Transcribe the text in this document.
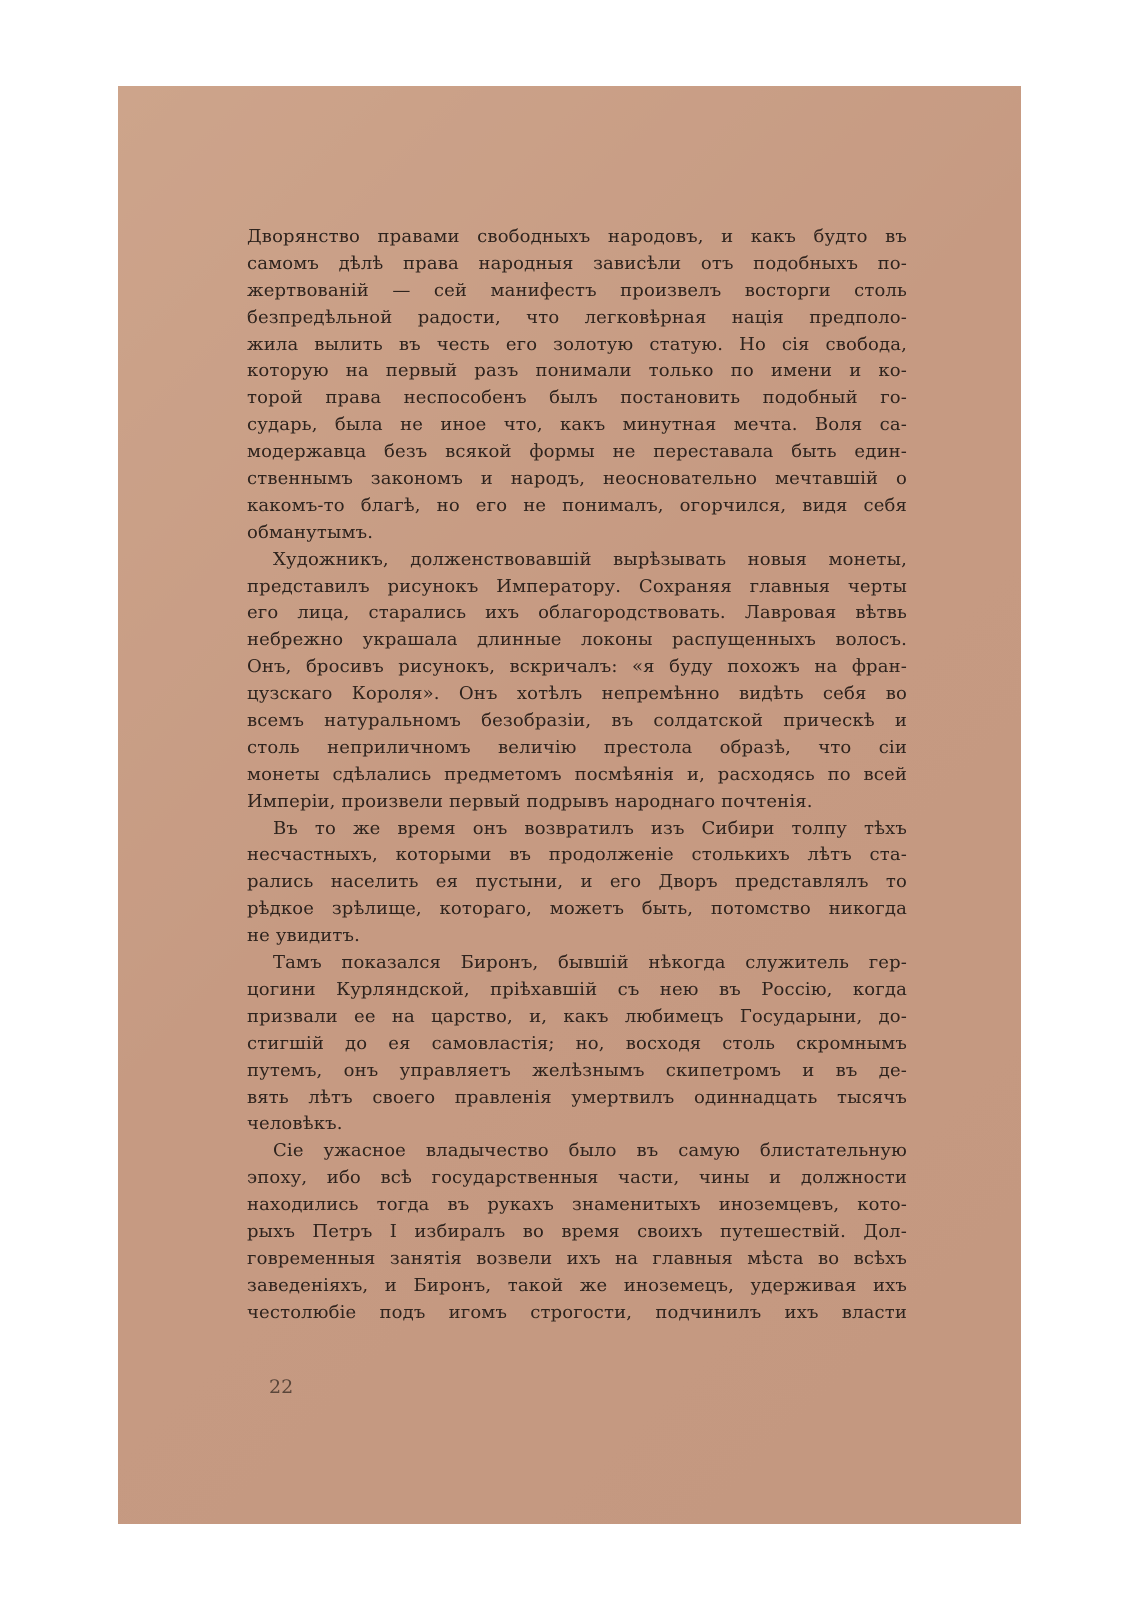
Дворянство правами свободныхъ народовъ, и какъ будто въ
самомъ дѣлѣ права народныя зависѣли отъ подобныхъ по-
жертвованій — сей манифестъ произвелъ восторги столь
безпредѣльной радости, что легковѣрная нація предполо-
жила вылить въ честь его золотую статую. Но сія свобода,
которую на первый разъ понимали только по имени и ко-
торой права неспособенъ былъ постановить подобный го-
сударь, была не иное что, какъ минутная мечта. Воля са-
модержавца безъ всякой формы не переставала быть един-
ственнымъ закономъ и народъ, неосновательно мечтавшій о
какомъ-то благѣ, но его не понималъ, огорчился, видя себя
обманутымъ.
Художникъ, долженствовавшій вырѣзывать новыя монеты,
представилъ рисунокъ Императору. Сохраняя главныя черты
его лица, старались ихъ облагородствовать. Лавровая вѣтвь
небрежно украшала длинные локоны распущенныхъ волосъ.
Онъ, бросивъ рисунокъ, вскричалъ: «я буду похожъ на фран-
цузскаго Короля». Онъ хотѣлъ непремѣнно видѣть себя во
всемъ натуральномъ безобразіи, въ солдатской прическѣ и
столь неприличномъ величію престола образѣ, что сіи
монеты сдѣлались предметомъ посмѣянія и, расходясь по всей
Имперіи, произвели первый подрывъ народнаго почтенія.
Въ то же время онъ возвратилъ изъ Сибири толпу тѣхъ
несчастныхъ, которыми въ продолженіе столькихъ лѣтъ ста-
рались населить ея пустыни, и его Дворъ представлялъ то
рѣдкое зрѣлище, котораго, можетъ быть, потомство никогда
не увидитъ.
Тамъ показался Биронъ, бывшій нѣкогда служитель гер-
цогини Курляндской, пріѣхавшій съ нею въ Россію, когда
призвали ее на царство, и, какъ любимецъ Государыни, до-
стигшій до ея самовластія; но, восходя столь скромнымъ
путемъ, онъ управляетъ желѣзнымъ скипетромъ и въ де-
вять лѣтъ своего правленія умертвилъ одиннадцать тысячъ
человѣкъ.
Сіе ужасное владычество было въ самую блистательную
эпоху, ибо всѣ государственныя части, чины и должности
находились тогда въ рукахъ знаменитыхъ иноземцевъ, кото-
рыхъ Петръ I избиралъ во время своихъ путешествій. Дол-
говременныя занятія возвели ихъ на главныя мѣста во всѣхъ
заведеніяхъ, и Биронъ, такой же иноземецъ, удерживая ихъ
честолюбіе подъ игомъ строгости, подчинилъ ихъ власти
22
